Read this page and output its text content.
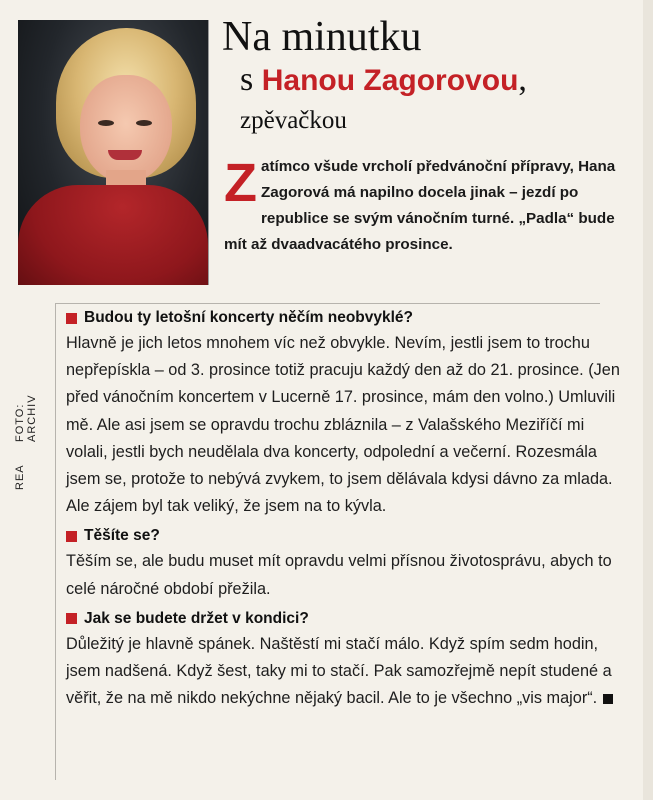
REA
FOTO: ARCHIV
Na minutku
s Hanou Zagorovou,
zpěvačkou
Zatímco všude vrcholí předvánoční přípravy, Hana Zagorová má napilno docela jinak – jezdí po republice se svým vánočním turné. „Padla“ bude mít až dvaadvacátého prosince.
Budou ty letošní koncerty něčím neobvyklé?

Hlavně je jich letos mnohem víc než obvykle. Nevím, jestli jsem to trochu nepřepískla – od 3. prosince totiž pracuju každý den až do 21. prosince. (Jen před vánočním koncertem v Lucerně 17. prosince, mám den volno.) Umluvili mě. Ale asi jsem se opravdu trochu zbláznila – z Valašského Meziříčí mi volali, jestli bych neudělala dva koncerty, odpolední a večerní. Rozesmála jsem se, protože to nebývá zvykem, to jsem dělávala kdysi dávno za mlada. Ale zájem byl tak veliký, že jsem na to kývla.

Těšíte se?

Těším se, ale budu muset mít opravdu velmi přísnou životosprávu, abych to celé náročné období přežila.

Jak se budete držet v kondici?

Důležitý je hlavně spánek. Naštěstí mi stačí málo. Když spím sedm hodin, jsem nadšená. Když šest, taky mi to stačí. Pak samozřejmě nepít studené a věřit, že na mě nikdo nekýchne nějaký bacil. Ale to je všechno „vis major“.
